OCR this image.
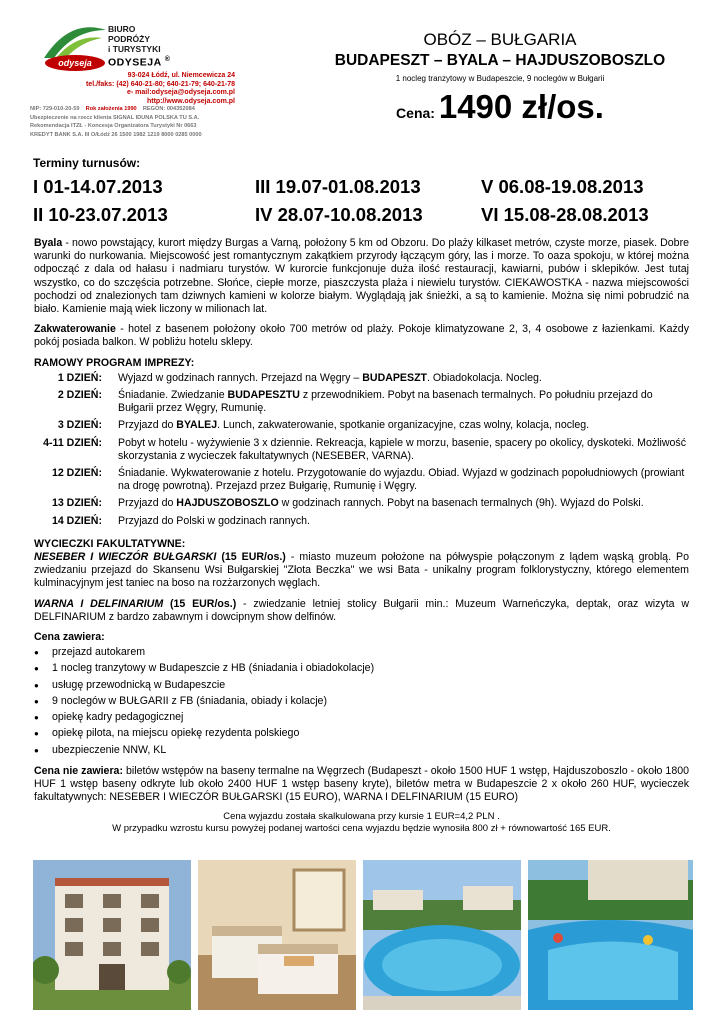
odyseja
BIURO
PODRÓŻY
i TURYSTYKI
ODYSEJA ®
93-024 Łódź, ul. Niemcewicza 24
tel./faks: (42) 640-21-80; 640-21-79; 640-21-78
e- mail:odyseja@odyseja.com.pl
http://www.odyseja.com.pl
NIP: 729-010-20-59 Rok założenia 1990 REGON: 004352084
Ubezpieczenie na rzecz klienta SIGNAL IDUNA POLSKA TU S.A.
Rekomendacja ITZŁ - Koncesja Organizatora Turystyki Nr 0663
KREDYT BANK S.A. III O/Łódź 26 1500 1982 1219 8000 0285 0000
OBÓZ – BUŁGARIA
BUDAPESZT – BYALA – HAJDUSZOBOSZLO
1 nocleg tranzytowy w Budapeszcie, 9 noclegów w Bułgarii
Cena: 1490 zł/os.
Terminy turnusów:
I 01-14.07.2013	III 19.07-01.08.2013	V 06.08-19.08.2013
II 10-23.07.2013	IV 28.07-10.08.2013	VI 15.08-28.08.2013

Byala - nowo powstający, kurort między Burgas a Varną, położony 5 km od Obzoru. Do plaży kilkaset metrów, czyste morze, piasek. Dobre warunki do nurkowania. Miejscowość jest romantycznym zakątkiem przyrody łączącym góry, las i morze. To oaza spokoju, w której można odpocząć z dala od hałasu i nadmiaru turystów. W kurorcie funkcjonuje duża ilość restauracji, kawiarni, pubów i sklepików. Jest tutaj wszystko, co do szczęścia potrzebne. Słońce, ciepłe morze, piaszczysta plaża i niewielu turystów. CIEKAWOSTKA - nazwa miejscowości pochodzi od znalezionych tam dziwnych kamieni w kolorze białym. Wyglądają jak śnieżki, a są to kamienie. Można się nimi pobrudzić na biało. Kamienie mają wiek liczony w milionach lat.

Zakwaterowanie - hotel z basenem położony około 700 metrów od plaży. Pokoje klimatyzowane 2, 3, 4 osobowe z łazienkami. Każdy pokój posiada balkon. W pobliżu hotelu sklepy.

RAMOWY PROGRAM IMPREZY:
1 DZIEŃ:	Wyjazd w godzinach rannych. Przejazd na Węgry – BUDAPESZT. Obiadokolacja. Nocleg.
2 DZIEŃ:	Śniadanie. Zwiedzanie BUDAPESZTU z przewodnikiem. Pobyt na basenach termalnych. Po południu przejazd do Bułgarii przez Węgry, Rumunię.
3 DZIEŃ:	Przyjazd do BYALEJ. Lunch, zakwaterowanie, spotkanie organizacyjne, czas wolny, kolacja, nocleg.
4-11 DZIEŃ:	Pobyt w hotelu - wyżywienie 3 x dziennie. Rekreacja, kąpiele w morzu, basenie, spacery po okolicy, dyskoteki. Możliwość skorzystania z wycieczek fakultatywnych (NESEBER, VARNA).
12 DZIEŃ:	Śniadanie. Wykwaterowanie z hotelu. Przygotowanie do wyjazdu. Obiad. Wyjazd w godzinach popołudniowych (prowiant na drogę powrotną). Przejazd przez Bułgarię, Rumunię i Węgry.
13 DZIEŃ:	Przyjazd do HAJDUSZOBOSZLO w godzinach rannych. Pobyt na basenach termalnych (9h). Wyjazd do Polski.
14 DZIEŃ:	Przyjazd do Polski w godzinach rannych.
WYCIECZKI FAKULTATYWNE:

NESEBER I WIECZÓR BUŁGARSKI (15 EUR/os.) - miasto muzeum położone na półwyspie połączonym z lądem wąską groblą. Po zwiedzaniu przejazd do Skansenu Wsi Bułgarskiej "Złota Beczka" we wsi Bata - unikalny program folklorystyczny, którego elementem kulminacyjnym jest taniec na boso na rozżarzonych węglach.

WARNA I DELFINARIUM (15 EUR/os.) - zwiedzanie letniej stolicy Bułgarii min.: Muzeum Warneńczyka, deptak, oraz wizyta w DELFINARIUM z bardzo zabawnym i dowcipnym show delfinów.

Cena zawiera:
● przejazd autokarem
● 1 nocleg tranzytowy w Budapeszcie z HB (śniadania i obiadokolacje)
● usługę przewodnicką w Budapeszcie
● 9 noclegów w BUŁGARII z FB (śniadania, obiady i kolacje)
● opiekę kadry pedagogicznej
● opiekę pilota, na miejscu opiekę rezydenta polskiego
● ubezpieczenie NNW, KL

Cena nie zawiera: biletów wstępów na baseny termalne na Węgrzech (Budapeszt - około 1500 HUF 1 wstęp, Hajduszoboszlo - około 1800 HUF 1 wstęp baseny odkryte lub około 2400 HUF 1 wstęp baseny kryte), biletów metra w Budapeszcie 2 x około 260 HUF, wycieczek fakultatywnych: NESEBER I WIECZÓR BUŁGARSKI (15 EURO), WARNA I DELFINARIUM (15 EURO)

Cena wyjazdu została skalkulowana przy kursie 1 EUR=4,2 PLN .
W przypadku wzrostu kursu powyżej podanej wartości cena wyjazdu będzie wynosiła 800 zł + równowartość 165 EUR.
